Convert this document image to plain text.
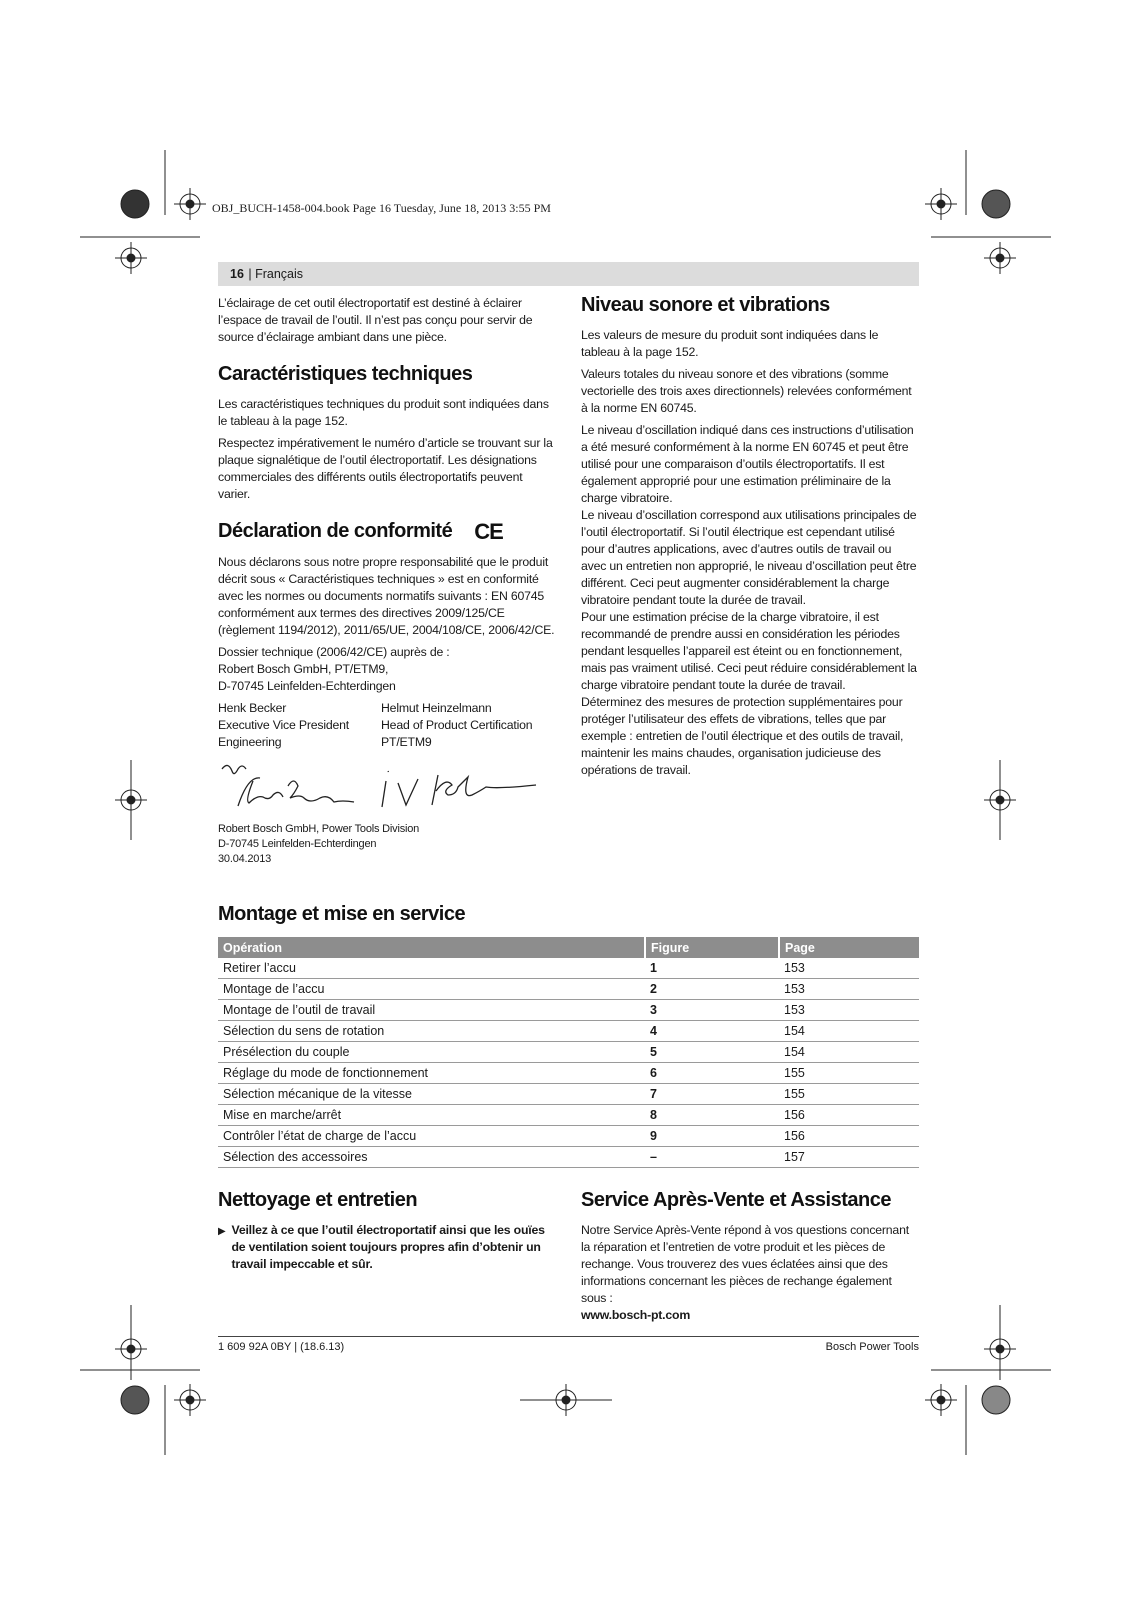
OBJ_BUCH-1458-004.book Page 16 Tuesday, June 18, 2013 3:55 PM
16 | Français

L’éclairage de cet outil électroportatif est destiné à éclairer l’espace de travail de l’outil. Il n’est pas conçu pour servir de source d’éclairage ambiant dans une pièce.

Caractéristiques techniques

Les caractéristiques techniques du produit sont indiquées dans le tableau à la page 152.

Respectez impérativement le numéro d’article se trouvant sur la plaque signalétique de l’outil électroportatif. Les désignations commerciales des différents outils électroportatifs peuvent varier.

Déclaration de conformité CE

Nous déclarons sous notre propre responsabilité que le produit décrit sous « Caractéristiques techniques » est en conformité avec les normes ou documents normatifs suivants : EN 60745 conformément aux termes des directives 2009/125/CE (règlement 1194/2012), 2011/65/UE, 2004/108/CE, 2006/42/CE.

Dossier technique (2006/42/CE) auprès de :
Robert Bosch GmbH, PT/ETM9,
D-70745 Leinfelden-Echterdingen

Henk Becker	Helmut Heinzelmann
Executive Vice President	Head of Product Certification
Engineering	PT/ETM9
Robert Bosch GmbH, Power Tools Division
D-70745 Leinfelden-Echterdingen
30.04.2013
Niveau sonore et vibrations

Les valeurs de mesure du produit sont indiquées dans le tableau à la page 152.

Valeurs totales du niveau sonore et des vibrations (somme vectorielle des trois axes directionnels) relevées conformément à la norme EN 60745.

Le niveau d’oscillation indiqué dans ces instructions d’utilisation a été mesuré conformément à la norme EN 60745 et peut être utilisé pour une comparaison d’outils électroportatifs. Il est également approprié pour une estimation préliminaire de la charge vibratoire.

Le niveau d’oscillation correspond aux utilisations principales de l’outil électroportatif. Si l’outil électrique est cependant utilisé pour d’autres applications, avec d’autres outils de travail ou avec un entretien non approprié, le niveau d’oscillation peut être différent. Ceci peut augmenter considérablement la charge vibratoire pendant toute la durée de travail.

Pour une estimation précise de la charge vibratoire, il est recommandé de prendre aussi en considération les périodes pendant lesquelles l’appareil est éteint ou en fonctionnement, mais pas vraiment utilisé. Ceci peut réduire considérablement la charge vibratoire pendant toute la durée de travail.

Déterminez des mesures de protection supplémentaires pour protéger l’utilisateur des effets de vibrations, telles que par exemple : entretien de l’outil électrique et des outils de travail, maintenir les mains chaudes, organisation judicieuse des opérations de travail.

Montage et mise en service
Opération	Figure	Page
Retirer l’accu	1	153
Montage de l’accu	2	153
Montage de l’outil de travail	3	153
Sélection du sens de rotation	4	154
Présélection du couple	5	154
Réglage du mode de fonctionnement	6	155
Sélection mécanique de la vitesse	7	155
Mise en marche/arrêt	8	156
Contrôler l’état de charge de l’accu	9	156
Sélection des accessoires	–	157
Nettoyage et entretien
▶ Veillez à ce que l’outil électroportatif ainsi que les ouïes de ventilation soient toujours propres afin d’obtenir un travail impeccable et sûr.
Service Après-Vente et Assistance

Notre Service Après-Vente répond à vos questions concernant la réparation et l’entretien de votre produit et les pièces de rechange. Vous trouverez des vues éclatées ainsi que des informations concernant les pièces de rechange également sous :

www.bosch-pt.com
1 609 92A 0BY | (18.6.13)	Bosch Power Tools
